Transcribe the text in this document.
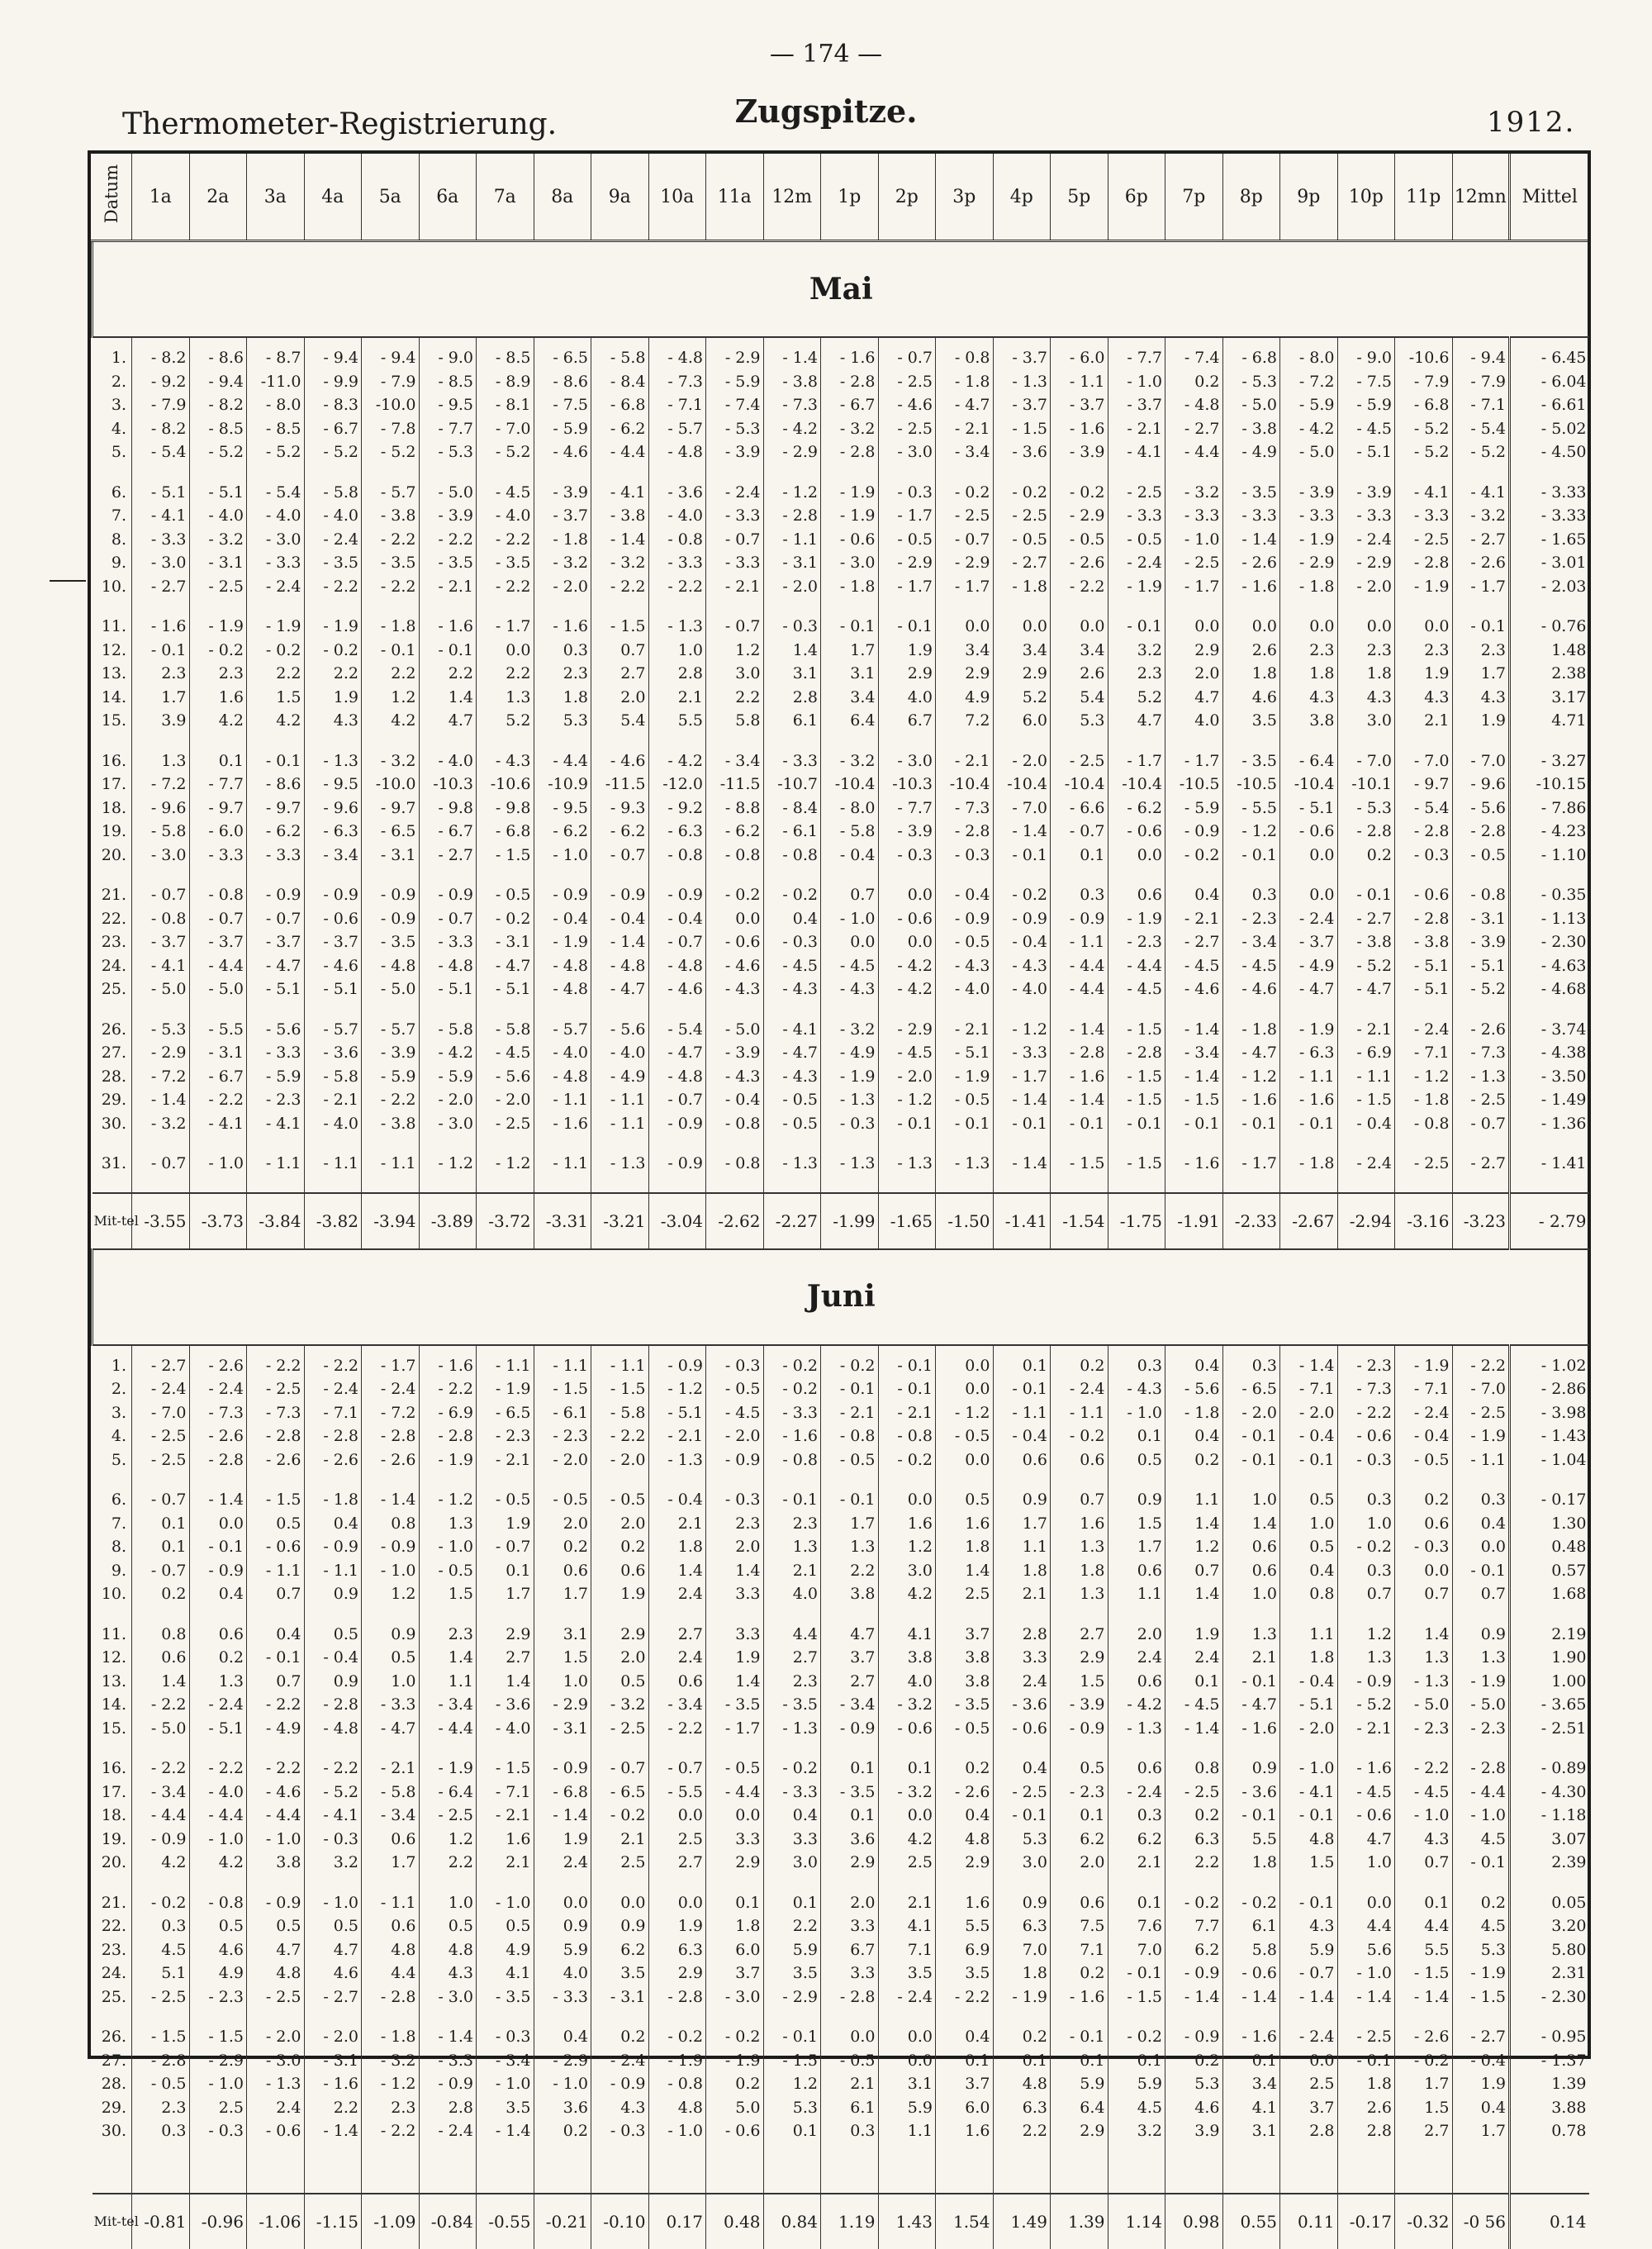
— 174 —
Thermometer-Registrierung.	Zugspitze.	1912.
Datum	1a	2a	3a	4a	5a	6a	7a	8a	9a	10a	11a	12m	1p	2p	3p	4p	5p	6p	7p	8p	9p	10p	11p	12mn	Mittel
Mai																									

1.	- 8.2	- 8.6	- 8.7	- 9.4	- 9.4	- 9.0	- 8.5	- 6.5	- 5.8	- 4.8	- 2.9	- 1.4	- 1.6	- 0.7	- 0.8	- 3.7	- 6.0	- 7.7	- 7.4	- 6.8	- 8.0	- 9.0	-10.6	- 9.4	- 6.45
2.	- 9.2	- 9.4	-11.0	- 9.9	- 7.9	- 8.5	- 8.9	- 8.6	- 8.4	- 7.3	- 5.9	- 3.8	- 2.8	- 2.5	- 1.8	- 1.3	- 1.1	- 1.0	0.2	- 5.3	- 7.2	- 7.5	- 7.9	- 7.9	- 6.04
3.	- 7.9	- 8.2	- 8.0	- 8.3	-10.0	- 9.5	- 8.1	- 7.5	- 6.8	- 7.1	- 7.4	- 7.3	- 6.7	- 4.6	- 4.7	- 3.7	- 3.7	- 3.7	- 4.8	- 5.0	- 5.9	- 5.9	- 6.8	- 7.1	- 6.61
4.	- 8.2	- 8.5	- 8.5	- 6.7	- 7.8	- 7.7	- 7.0	- 5.9	- 6.2	- 5.7	- 5.3	- 4.2	- 3.2	- 2.5	- 2.1	- 1.5	- 1.6	- 2.1	- 2.7	- 3.8	- 4.2	- 4.5	- 5.2	- 5.4	- 5.02
5.	- 5.4	- 5.2	- 5.2	- 5.2	- 5.2	- 5.3	- 5.2	- 4.6	- 4.4	- 4.8	- 3.9	- 2.9	- 2.8	- 3.0	- 3.4	- 3.6	- 3.9	- 4.1	- 4.4	- 4.9	- 5.0	- 5.1	- 5.2	- 5.2	- 4.50

6.	- 5.1	- 5.1	- 5.4	- 5.8	- 5.7	- 5.0	- 4.5	- 3.9	- 4.1	- 3.6	- 2.4	- 1.2	- 1.9	- 0.3	- 0.2	- 0.2	- 0.2	- 2.5	- 3.2	- 3.5	- 3.9	- 3.9	- 4.1	- 4.1	- 3.33
7.	- 4.1	- 4.0	- 4.0	- 4.0	- 3.8	- 3.9	- 4.0	- 3.7	- 3.8	- 4.0	- 3.3	- 2.8	- 1.9	- 1.7	- 2.5	- 2.5	- 2.9	- 3.3	- 3.3	- 3.3	- 3.3	- 3.3	- 3.3	- 3.2	- 3.33
8.	- 3.3	- 3.2	- 3.0	- 2.4	- 2.2	- 2.2	- 2.2	- 1.8	- 1.4	- 0.8	- 0.7	- 1.1	- 0.6	- 0.5	- 0.7	- 0.5	- 0.5	- 0.5	- 1.0	- 1.4	- 1.9	- 2.4	- 2.5	- 2.7	- 1.65
9.	- 3.0	- 3.1	- 3.3	- 3.5	- 3.5	- 3.5	- 3.5	- 3.2	- 3.2	- 3.3	- 3.3	- 3.1	- 3.0	- 2.9	- 2.9	- 2.7	- 2.6	- 2.4	- 2.5	- 2.6	- 2.9	- 2.9	- 2.8	- 2.6	- 3.01
10.	- 2.7	- 2.5	- 2.4	- 2.2	- 2.2	- 2.1	- 2.2	- 2.0	- 2.2	- 2.2	- 2.1	- 2.0	- 1.8	- 1.7	- 1.7	- 1.8	- 2.2	- 1.9	- 1.7	- 1.6	- 1.8	- 2.0	- 1.9	- 1.7	- 2.03

11.	- 1.6	- 1.9	- 1.9	- 1.9	- 1.8	- 1.6	- 1.7	- 1.6	- 1.5	- 1.3	- 0.7	- 0.3	- 0.1	- 0.1	0.0	0.0	0.0	- 0.1	0.0	0.0	0.0	0.0	0.0	- 0.1	- 0.76
12.	- 0.1	- 0.2	- 0.2	- 0.2	- 0.1	- 0.1	0.0	0.3	0.7	1.0	1.2	1.4	1.7	1.9	3.4	3.4	3.4	3.2	2.9	2.6	2.3	2.3	2.3	2.3	1.48
13.	2.3	2.3	2.2	2.2	2.2	2.2	2.2	2.3	2.7	2.8	3.0	3.1	3.1	2.9	2.9	2.9	2.6	2.3	2.0	1.8	1.8	1.8	1.9	1.7	2.38
14.	1.7	1.6	1.5	1.9	1.2	1.4	1.3	1.8	2.0	2.1	2.2	2.8	3.4	4.0	4.9	5.2	5.4	5.2	4.7	4.6	4.3	4.3	4.3	4.3	3.17
15.	3.9	4.2	4.2	4.3	4.2	4.7	5.2	5.3	5.4	5.5	5.8	6.1	6.4	6.7	7.2	6.0	5.3	4.7	4.0	3.5	3.8	3.0	2.1	1.9	4.71

16.	1.3	0.1	- 0.1	- 1.3	- 3.2	- 4.0	- 4.3	- 4.4	- 4.6	- 4.2	- 3.4	- 3.3	- 3.2	- 3.0	- 2.1	- 2.0	- 2.5	- 1.7	- 1.7	- 3.5	- 6.4	- 7.0	- 7.0	- 7.0	- 3.27
17.	- 7.2	- 7.7	- 8.6	- 9.5	-10.0	-10.3	-10.6	-10.9	-11.5	-12.0	-11.5	-10.7	-10.4	-10.3	-10.4	-10.4	-10.4	-10.4	-10.5	-10.5	-10.4	-10.1	- 9.7	- 9.6	-10.15
18.	- 9.6	- 9.7	- 9.7	- 9.6	- 9.7	- 9.8	- 9.8	- 9.5	- 9.3	- 9.2	- 8.8	- 8.4	- 8.0	- 7.7	- 7.3	- 7.0	- 6.6	- 6.2	- 5.9	- 5.5	- 5.1	- 5.3	- 5.4	- 5.6	- 7.86
19.	- 5.8	- 6.0	- 6.2	- 6.3	- 6.5	- 6.7	- 6.8	- 6.2	- 6.2	- 6.3	- 6.2	- 6.1	- 5.8	- 3.9	- 2.8	- 1.4	- 0.7	- 0.6	- 0.9	- 1.2	- 0.6	- 2.8	- 2.8	- 2.8	- 4.23
20.	- 3.0	- 3.3	- 3.3	- 3.4	- 3.1	- 2.7	- 1.5	- 1.0	- 0.7	- 0.8	- 0.8	- 0.8	- 0.4	- 0.3	- 0.3	- 0.1	0.1	0.0	- 0.2	- 0.1	0.0	0.2	- 0.3	- 0.5	- 1.10

21.	- 0.7	- 0.8	- 0.9	- 0.9	- 0.9	- 0.9	- 0.5	- 0.9	- 0.9	- 0.9	- 0.2	- 0.2	0.7	0.0	- 0.4	- 0.2	0.3	0.6	0.4	0.3	0.0	- 0.1	- 0.6	- 0.8	- 0.35
22.	- 0.8	- 0.7	- 0.7	- 0.6	- 0.9	- 0.7	- 0.2	- 0.4	- 0.4	- 0.4	0.0	0.4	- 1.0	- 0.6	- 0.9	- 0.9	- 0.9	- 1.9	- 2.1	- 2.3	- 2.4	- 2.7	- 2.8	- 3.1	- 1.13
23.	- 3.7	- 3.7	- 3.7	- 3.7	- 3.5	- 3.3	- 3.1	- 1.9	- 1.4	- 0.7	- 0.6	- 0.3	0.0	0.0	- 0.5	- 0.4	- 1.1	- 2.3	- 2.7	- 3.4	- 3.7	- 3.8	- 3.8	- 3.9	- 2.30
24.	- 4.1	- 4.4	- 4.7	- 4.6	- 4.8	- 4.8	- 4.7	- 4.8	- 4.8	- 4.8	- 4.6	- 4.5	- 4.5	- 4.2	- 4.3	- 4.3	- 4.4	- 4.4	- 4.5	- 4.5	- 4.9	- 5.2	- 5.1	- 5.1	- 4.63
25.	- 5.0	- 5.0	- 5.1	- 5.1	- 5.0	- 5.1	- 5.1	- 4.8	- 4.7	- 4.6	- 4.3	- 4.3	- 4.3	- 4.2	- 4.0	- 4.0	- 4.4	- 4.5	- 4.6	- 4.6	- 4.7	- 4.7	- 5.1	- 5.2	- 4.68

26.	- 5.3	- 5.5	- 5.6	- 5.7	- 5.7	- 5.8	- 5.8	- 5.7	- 5.6	- 5.4	- 5.0	- 4.1	- 3.2	- 2.9	- 2.1	- 1.2	- 1.4	- 1.5	- 1.4	- 1.8	- 1.9	- 2.1	- 2.4	- 2.6	- 3.74
27.	- 2.9	- 3.1	- 3.3	- 3.6	- 3.9	- 4.2	- 4.5	- 4.0	- 4.0	- 4.7	- 3.9	- 4.7	- 4.9	- 4.5	- 5.1	- 3.3	- 2.8	- 2.8	- 3.4	- 4.7	- 6.3	- 6.9	- 7.1	- 7.3	- 4.38
28.	- 7.2	- 6.7	- 5.9	- 5.8	- 5.9	- 5.9	- 5.6	- 4.8	- 4.9	- 4.8	- 4.3	- 4.3	- 1.9	- 2.0	- 1.9	- 1.7	- 1.6	- 1.5	- 1.4	- 1.2	- 1.1	- 1.1	- 1.2	- 1.3	- 3.50
29.	- 1.4	- 2.2	- 2.3	- 2.1	- 2.2	- 2.0	- 2.0	- 1.1	- 1.1	- 0.7	- 0.4	- 0.5	- 1.3	- 1.2	- 0.5	- 1.4	- 1.4	- 1.5	- 1.5	- 1.6	- 1.6	- 1.5	- 1.8	- 2.5	- 1.49
30.	- 3.2	- 4.1	- 4.1	- 4.0	- 3.8	- 3.0	- 2.5	- 1.6	- 1.1	- 0.9	- 0.8	- 0.5	- 0.3	- 0.1	- 0.1	- 0.1	- 0.1	- 0.1	- 0.1	- 0.1	- 0.1	- 0.4	- 0.8	- 0.7	- 1.36

31.	- 0.7	- 1.0	- 1.1	- 1.1	- 1.1	- 1.2	- 1.2	- 1.1	- 1.3	- 0.9	- 0.8	- 1.3	- 1.3	- 1.3	- 1.3	- 1.4	- 1.5	- 1.5	- 1.6	- 1.7	- 1.8	- 2.4	- 2.5	- 2.7	- 1.41

Mit-tel	-3.55	-3.73	-3.84	-3.82	-3.94	-3.89	-3.72	-3.31	-3.21	-3.04	-2.62	-2.27	-1.99	-1.65	-1.50	-1.41	-1.54	-1.75	-1.91	-2.33	-2.67	-2.94	-3.16	-3.23	- 2.79
Juni																									

1.	- 2.7	- 2.6	- 2.2	- 2.2	- 1.7	- 1.6	- 1.1	- 1.1	- 1.1	- 0.9	- 0.3	- 0.2	- 0.2	- 0.1	0.0	0.1	0.2	0.3	0.4	0.3	- 1.4	- 2.3	- 1.9	- 2.2	- 1.02
2.	- 2.4	- 2.4	- 2.5	- 2.4	- 2.4	- 2.2	- 1.9	- 1.5	- 1.5	- 1.2	- 0.5	- 0.2	- 0.1	- 0.1	0.0	- 0.1	- 2.4	- 4.3	- 5.6	- 6.5	- 7.1	- 7.3	- 7.1	- 7.0	- 2.86
3.	- 7.0	- 7.3	- 7.3	- 7.1	- 7.2	- 6.9	- 6.5	- 6.1	- 5.8	- 5.1	- 4.5	- 3.3	- 2.1	- 2.1	- 1.2	- 1.1	- 1.1	- 1.0	- 1.8	- 2.0	- 2.0	- 2.2	- 2.4	- 2.5	- 3.98
4.	- 2.5	- 2.6	- 2.8	- 2.8	- 2.8	- 2.8	- 2.3	- 2.3	- 2.2	- 2.1	- 2.0	- 1.6	- 0.8	- 0.8	- 0.5	- 0.4	- 0.2	0.1	0.4	- 0.1	- 0.4	- 0.6	- 0.4	- 1.9	- 1.43
5.	- 2.5	- 2.8	- 2.6	- 2.6	- 2.6	- 1.9	- 2.1	- 2.0	- 2.0	- 1.3	- 0.9	- 0.8	- 0.5	- 0.2	0.0	0.6	0.6	0.5	0.2	- 0.1	- 0.1	- 0.3	- 0.5	- 1.1	- 1.04

6.	- 0.7	- 1.4	- 1.5	- 1.8	- 1.4	- 1.2	- 0.5	- 0.5	- 0.5	- 0.4	- 0.3	- 0.1	- 0.1	0.0	0.5	0.9	0.7	0.9	1.1	1.0	0.5	0.3	0.2	0.3	- 0.17
7.	0.1	0.0	0.5	0.4	0.8	1.3	1.9	2.0	2.0	2.1	2.3	2.3	1.7	1.6	1.6	1.7	1.6	1.5	1.4	1.4	1.0	1.0	0.6	0.4	1.30
8.	0.1	- 0.1	- 0.6	- 0.9	- 0.9	- 1.0	- 0.7	0.2	0.2	1.8	2.0	1.3	1.3	1.2	1.8	1.1	1.3	1.7	1.2	0.6	0.5	- 0.2	- 0.3	0.0	0.48
9.	- 0.7	- 0.9	- 1.1	- 1.1	- 1.0	- 0.5	0.1	0.6	0.6	1.4	1.4	2.1	2.2	3.0	1.4	1.8	1.8	0.6	0.7	0.6	0.4	0.3	0.0	- 0.1	0.57
10.	0.2	0.4	0.7	0.9	1.2	1.5	1.7	1.7	1.9	2.4	3.3	4.0	3.8	4.2	2.5	2.1	1.3	1.1	1.4	1.0	0.8	0.7	0.7	0.7	1.68

11.	0.8	0.6	0.4	0.5	0.9	2.3	2.9	3.1	2.9	2.7	3.3	4.4	4.7	4.1	3.7	2.8	2.7	2.0	1.9	1.3	1.1	1.2	1.4	0.9	2.19
12.	0.6	0.2	- 0.1	- 0.4	0.5	1.4	2.7	1.5	2.0	2.4	1.9	2.7	3.7	3.8	3.8	3.3	2.9	2.4	2.4	2.1	1.8	1.3	1.3	1.3	1.90
13.	1.4	1.3	0.7	0.9	1.0	1.1	1.4	1.0	0.5	0.6	1.4	2.3	2.7	4.0	3.8	2.4	1.5	0.6	0.1	- 0.1	- 0.4	- 0.9	- 1.3	- 1.9	1.00
14.	- 2.2	- 2.4	- 2.2	- 2.8	- 3.3	- 3.4	- 3.6	- 2.9	- 3.2	- 3.4	- 3.5	- 3.5	- 3.4	- 3.2	- 3.5	- 3.6	- 3.9	- 4.2	- 4.5	- 4.7	- 5.1	- 5.2	- 5.0	- 5.0	- 3.65
15.	- 5.0	- 5.1	- 4.9	- 4.8	- 4.7	- 4.4	- 4.0	- 3.1	- 2.5	- 2.2	- 1.7	- 1.3	- 0.9	- 0.6	- 0.5	- 0.6	- 0.9	- 1.3	- 1.4	- 1.6	- 2.0	- 2.1	- 2.3	- 2.3	- 2.51

16.	- 2.2	- 2.2	- 2.2	- 2.2	- 2.1	- 1.9	- 1.5	- 0.9	- 0.7	- 0.7	- 0.5	- 0.2	0.1	0.1	0.2	0.4	0.5	0.6	0.8	0.9	- 1.0	- 1.6	- 2.2	- 2.8	- 0.89
17.	- 3.4	- 4.0	- 4.6	- 5.2	- 5.8	- 6.4	- 7.1	- 6.8	- 6.5	- 5.5	- 4.4	- 3.3	- 3.5	- 3.2	- 2.6	- 2.5	- 2.3	- 2.4	- 2.5	- 3.6	- 4.1	- 4.5	- 4.5	- 4.4	- 4.30
18.	- 4.4	- 4.4	- 4.4	- 4.1	- 3.4	- 2.5	- 2.1	- 1.4	- 0.2	0.0	0.0	0.4	0.1	0.0	0.4	- 0.1	0.1	0.3	0.2	- 0.1	- 0.1	- 0.6	- 1.0	- 1.0	- 1.18
19.	- 0.9	- 1.0	- 1.0	- 0.3	0.6	1.2	1.6	1.9	2.1	2.5	3.3	3.3	3.6	4.2	4.8	5.3	6.2	6.2	6.3	5.5	4.8	4.7	4.3	4.5	3.07
20.	4.2	4.2	3.8	3.2	1.7	2.2	2.1	2.4	2.5	2.7	2.9	3.0	2.9	2.5	2.9	3.0	2.0	2.1	2.2	1.8	1.5	1.0	0.7	- 0.1	2.39

21.	- 0.2	- 0.8	- 0.9	- 1.0	- 1.1	1.0	- 1.0	0.0	0.0	0.0	0.1	0.1	2.0	2.1	1.6	0.9	0.6	0.1	- 0.2	- 0.2	- 0.1	0.0	0.1	0.2	0.05
22.	0.3	0.5	0.5	0.5	0.6	0.5	0.5	0.9	0.9	1.9	1.8	2.2	3.3	4.1	5.5	6.3	7.5	7.6	7.7	6.1	4.3	4.4	4.4	4.5	3.20
23.	4.5	4.6	4.7	4.7	4.8	4.8	4.9	5.9	6.2	6.3	6.0	5.9	6.7	7.1	6.9	7.0	7.1	7.0	6.2	5.8	5.9	5.6	5.5	5.3	5.80
24.	5.1	4.9	4.8	4.6	4.4	4.3	4.1	4.0	3.5	2.9	3.7	3.5	3.3	3.5	3.5	1.8	0.2	- 0.1	- 0.9	- 0.6	- 0.7	- 1.0	- 1.5	- 1.9	2.31
25.	- 2.5	- 2.3	- 2.5	- 2.7	- 2.8	- 3.0	- 3.5	- 3.3	- 3.1	- 2.8	- 3.0	- 2.9	- 2.8	- 2.4	- 2.2	- 1.9	- 1.6	- 1.5	- 1.4	- 1.4	- 1.4	- 1.4	- 1.4	- 1.5	- 2.30

26.	- 1.5	- 1.5	- 2.0	- 2.0	- 1.8	- 1.4	- 0.3	0.4	0.2	- 0.2	- 0.2	- 0.1	0.0	0.0	0.4	0.2	- 0.1	- 0.2	- 0.9	- 1.6	- 2.4	- 2.5	- 2.6	- 2.7	- 0.95
27.	- 2.8	- 2.9	- 3.0	- 3.1	- 3.2	- 3.3	- 3.4	- 2.9	- 2.4	- 1.9	- 1.9	- 1.5	- 0.5	0.0	0.1	0.1	0.1	0.1	0.2	0.1	0.0	- 0.1	- 0.2	- 0.4	- 1.37
28.	- 0.5	- 1.0	- 1.3	- 1.6	- 1.2	- 0.9	- 1.0	- 1.0	- 0.9	- 0.8	0.2	1.2	2.1	3.1	3.7	4.8	5.9	5.9	5.3	3.4	2.5	1.8	1.7	1.9	1.39
29.	2.3	2.5	2.4	2.2	2.3	2.8	3.5	3.6	4.3	4.8	5.0	5.3	6.1	5.9	6.0	6.3	6.4	4.5	4.6	4.1	3.7	2.6	1.5	0.4	3.88
30.	0.3	- 0.3	- 0.6	- 1.4	- 2.2	- 2.4	- 1.4	0.2	- 0.3	- 1.0	- 0.6	0.1	0.3	1.1	1.6	2.2	2.9	3.2	3.9	3.1	2.8	2.8	2.7	1.7	0.78

Mit-tel	-0.81	-0.96	-1.06	-1.15	-1.09	-0.84	-0.55	-0.21	-0.10	0.17	0.48	0.84	1.19	1.43	1.54	1.49	1.39	1.14	0.98	0.55	0.11	-0.17	-0.32	-0 56	0.14
